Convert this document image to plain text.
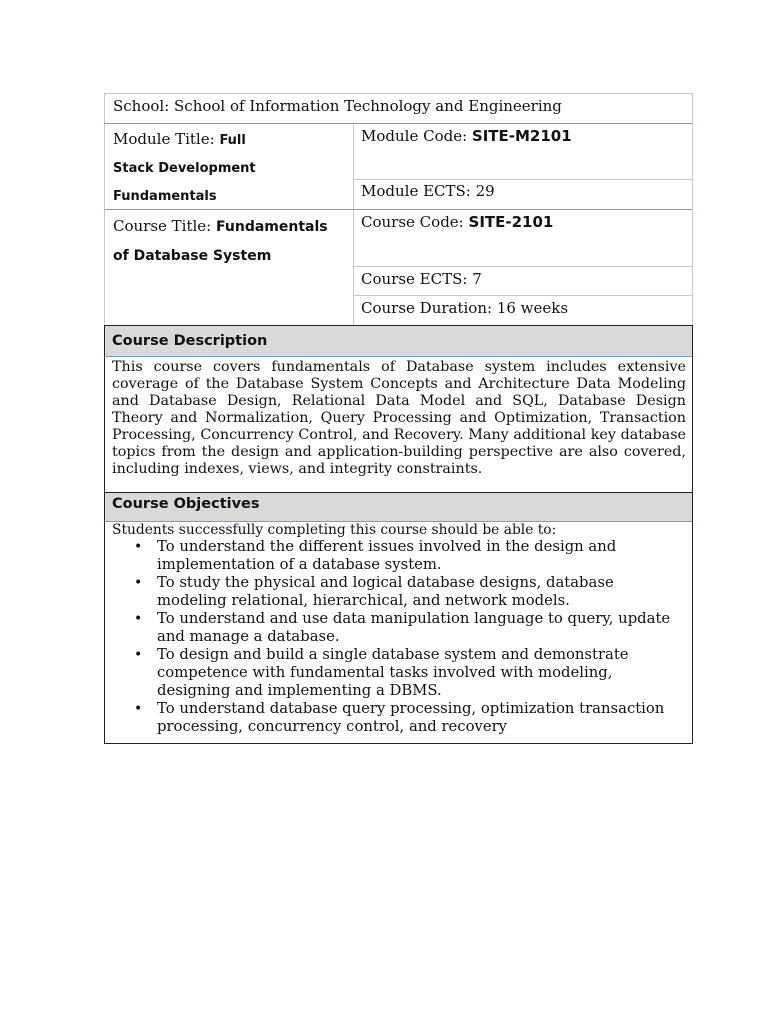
School: School of Information Technology and Engineering
Module Title: Full
Stack Development
Fundamentals
Module Code: SITE-M2101
Module ECTS: 29
Course Title: Fundamentals
of Database System
Course Code: SITE-2101
Course ECTS: 7
Course Duration: 16 weeks
Course Description
This course covers fundamentals of Database system includes extensive coverage of the Database System Concepts and Architecture Data Modeling and Database Design, Relational Data Model and SQL, Database Design Theory and Normalization, Query Processing and Optimization, Transaction Processing, Concurrency Control, and Recovery. Many additional key database topics from the design and application-building perspective are also covered, including indexes, views, and integrity constraints.
Course Objectives

Students successfully completing this course should be able to:

• To understand the different issues involved in the design and implementation of a database system.
• To study the physical and logical database designs, database modeling relational, hierarchical, and network models.
• To understand and use data manipulation language to query, update and manage a database.
• To design and build a single database system and demonstrate competence with fundamental tasks involved with modeling, designing and implementing a DBMS.
• To understand database query processing, optimization transaction processing, concurrency control, and recovery
